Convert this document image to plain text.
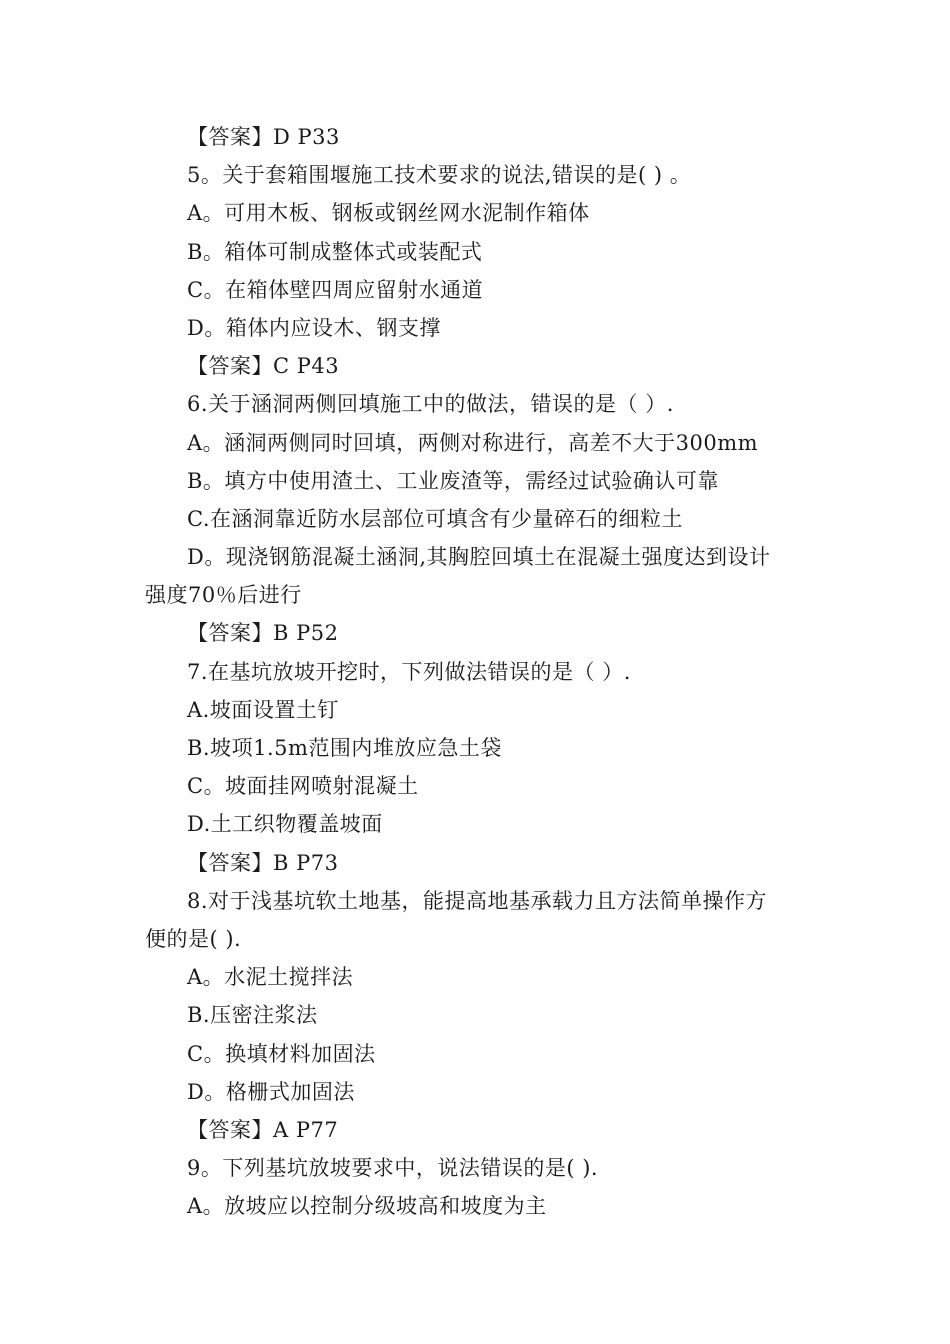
【答案】D P33
5。关于套箱围堰施工技术要求的说法,错误的是( ) 。
A。可用木板、钢板或钢丝网水泥制作箱体
B。箱体可制成整体式或装配式
C。在箱体壁四周应留射水通道
D。箱体内应设木、钢支撑
【答案】C P43
6.关于涵洞两侧回填施工中的做法，错误的是（ ）.
A。涵洞两侧同时回填，两侧对称进行，高差不大于300mm
B。填方中使用渣土、工业废渣等，需经过试验确认可靠
C.在涵洞靠近防水层部位可填含有少量碎石的细粒土
D。现浇钢筋混凝土涵洞,其胸腔回填土在混凝土强度达到设计
强度70％后进行
【答案】B P52
7.在基坑放坡开挖时，下列做法错误的是（ ）.
A.坡面设置土钉
B.坡项1.5m范围内堆放应急土袋
C。坡面挂网喷射混凝土
D.土工织物覆盖坡面
【答案】B P73
8.对于浅基坑软土地基，能提高地基承载力且方法简单操作方
便的是( ).
A。水泥土搅拌法
B.压密注浆法
C。换填材料加固法
D。格栅式加固法
【答案】A P77
9。下列基坑放坡要求中，说法错误的是( ).
A。放坡应以控制分级坡高和坡度为主
